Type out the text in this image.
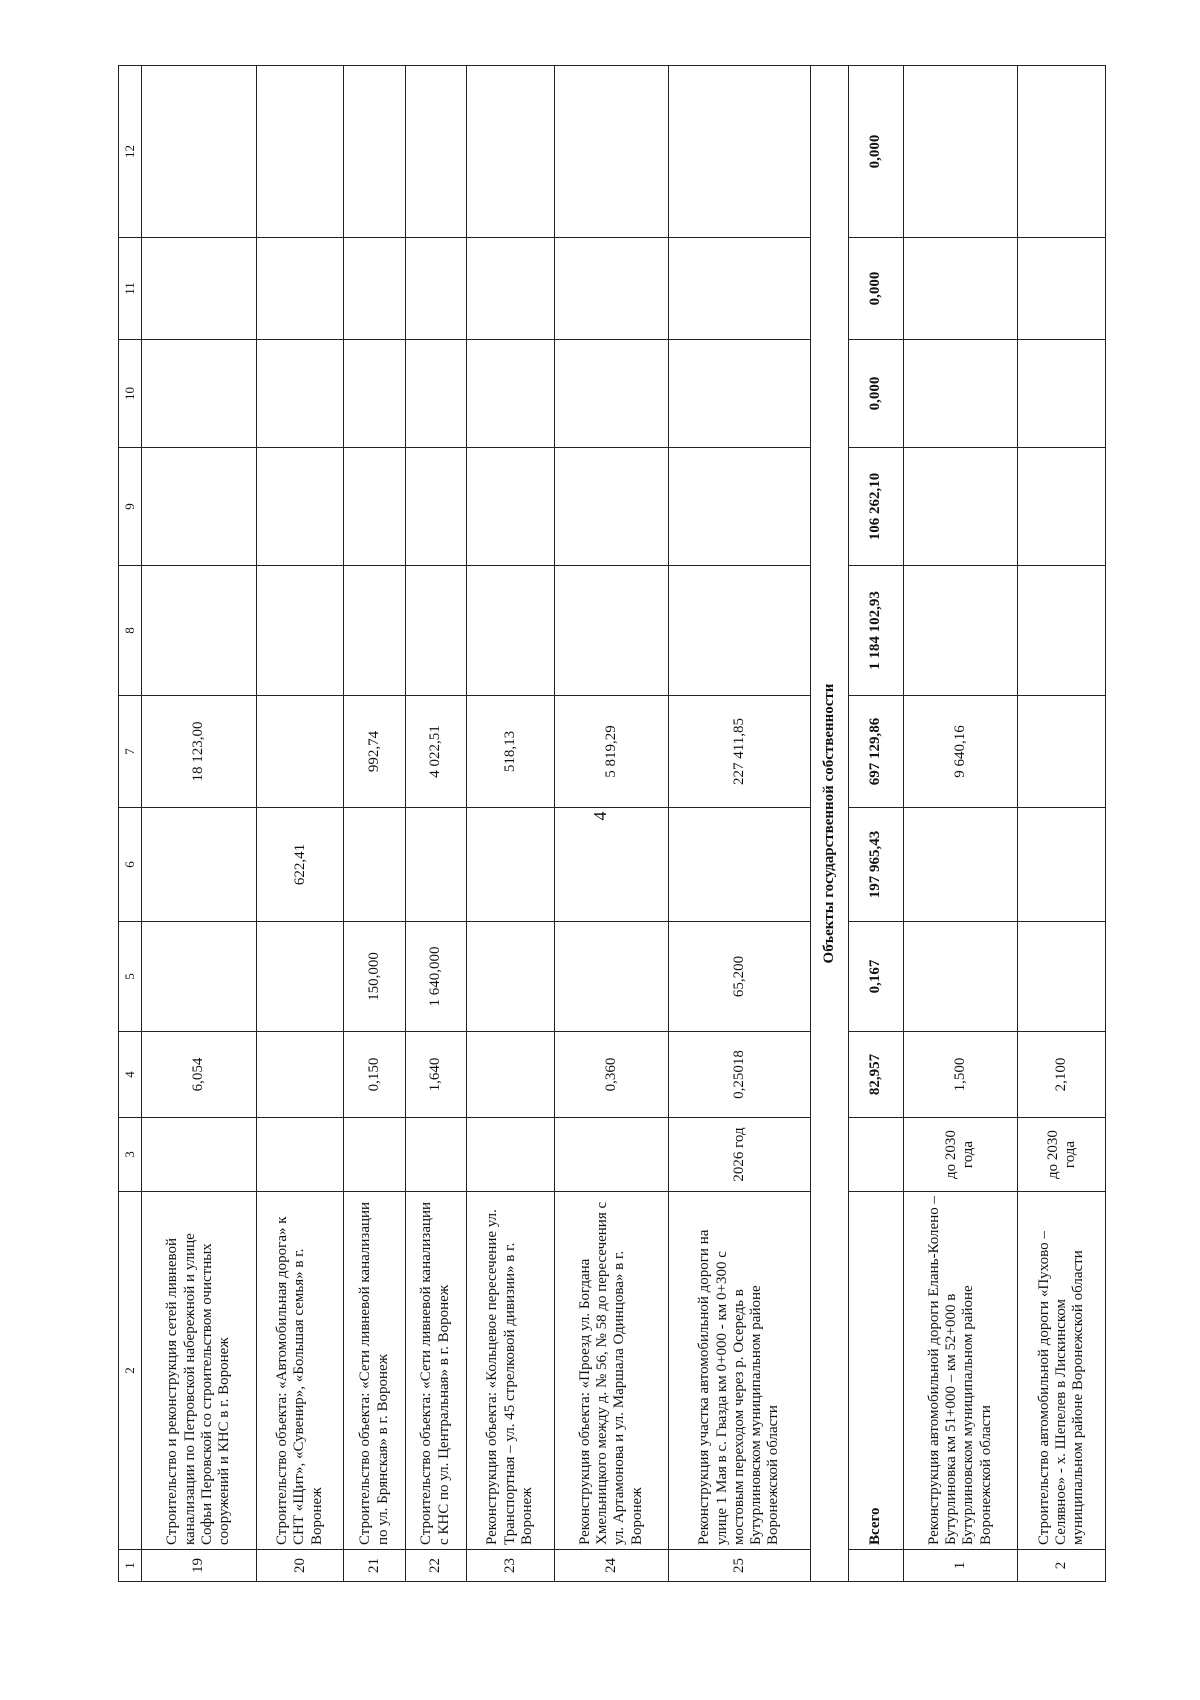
4
1	2	3	4	5	6	7	8	9	10	11	12
19	Строительство и реконструкция сетей ливневой канализации по Петровской набережной и улице Софьи Перовской со строительством очистных сооружений и КНС в г. Воронеж		6,054			18 123,00					
20	Строительство объекта: «Автомобильная дорога» к СНТ «Щит», «Сувенир», «Большая семья» в г. Воронеж				622,41						
21	Строительство объекта: «Сети ливневой канализации по ул. Брянская» в г. Воронеж		0,150	150,000		992,74					
22	Строительство объекта: «Сети ливневой канализации с КНС по ул. Центральная» в г. Воронеж		1,640	1 640,000		4 022,51					
23	Реконструкция объекта: «Кольцевое пересечение ул. Транспортная – ул. 45 стрелковой дивизии» в г. Воронеж					518,13					
24	Реконструкция объекта: «Проезд ул. Богдана Хмельницкого между д. № 56, № 58 до пересечения с ул. Артамонова и ул. Маршала Одинцова» в г. Воронеж		0,360			5 819,29					
25	Реконструкция участка автомобильной дороги на улице 1 Мая в с. Гвазда км 0+000 - км 0+300 с мостовым переходом через р. Осередь в Бутурлиновском муниципальном районе Воронежской области	2026 год	0,25018	65,200		227 411,85					
Объекты государственной собственности											
	Всего		82,957	0,167	197 965,43	697 129,86	1 184 102,93	106 262,10	0,000	0,000	0,000
1	Реконструкция автомобильной дороги Елань-Колено – Бутурлиновка км 51+000 – км 52+000 в Бутурлиновском муниципальном районе Воронежской области	до 2030 года	1,500			9 640,16					
2	Строительство автомобильной дороги «Пухово – Селявное» - х. Шепелев в Лискинском муниципальном районе Воронежской области	до 2030 года	2,100								
